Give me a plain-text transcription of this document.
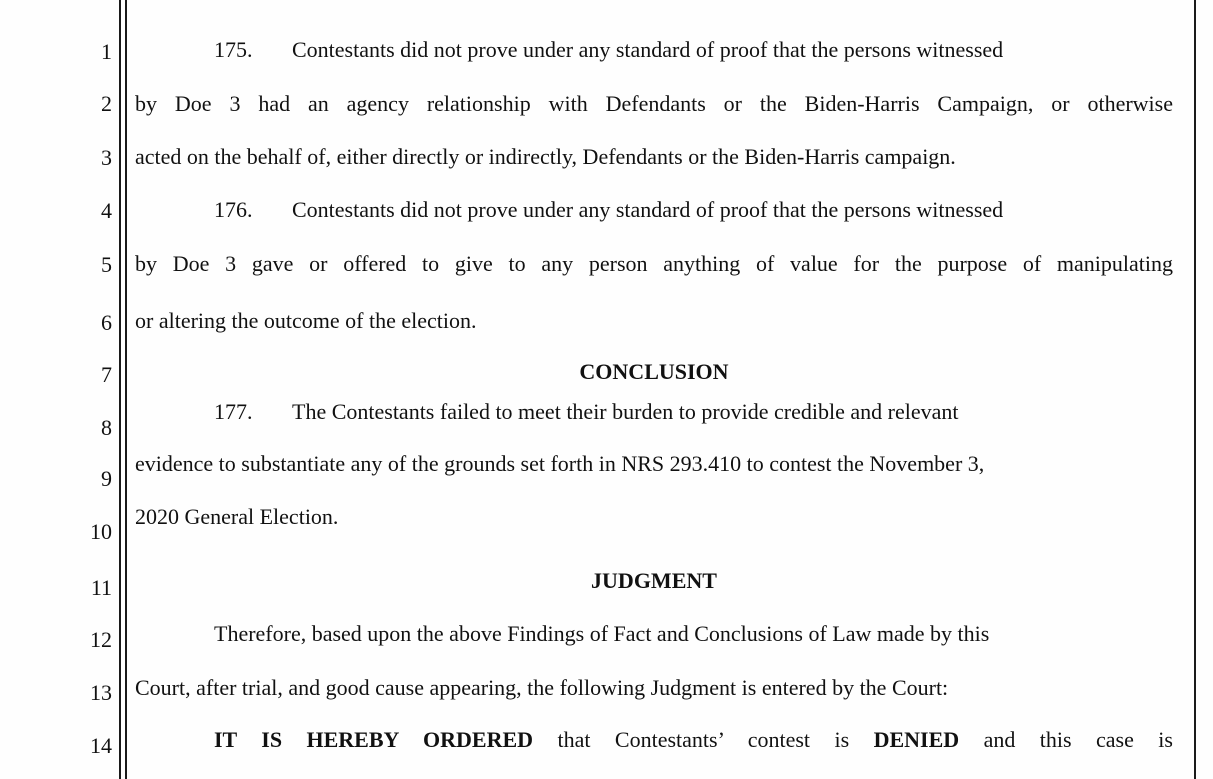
1
2
3
4
5
6
7
8
9
10
11
12
13
14
175. Contestants did not prove under any standard of proof that the persons witnessed
by Doe 3 had an agency relationship with Defendants or the Biden-Harris Campaign, or otherwise
acted on the behalf of, either directly or indirectly, Defendants or the Biden-Harris campaign.
176. Contestants did not prove under any standard of proof that the persons witnessed
by Doe 3 gave or offered to give to any person anything of value for the purpose of manipulating
or altering the outcome of the election.
CONCLUSION
177. The Contestants failed to meet their burden to provide credible and relevant
evidence to substantiate any of the grounds set forth in NRS 293.410 to contest the November 3,
2020 General Election.
JUDGMENT
Therefore, based upon the above Findings of Fact and Conclusions of Law made by this
Court, after trial, and good cause appearing, the following Judgment is entered by the Court:
IT IS HEREBY ORDERED that Contestants’ contest is DENIED and this case is
